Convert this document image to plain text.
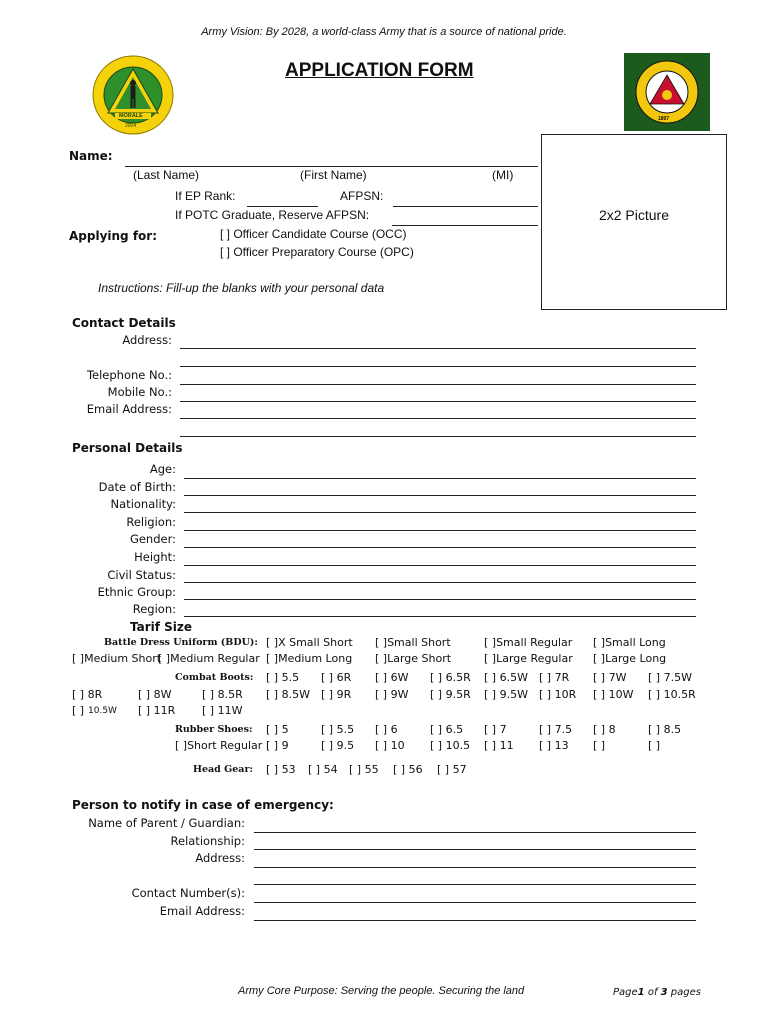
Army Vision: By 2028, a world-class Army that is a source of national pride.
APPLICATION FORM
MORALE
2004
1897
2x2 Picture
Name:
(Last Name)	(First Name)	(MI)
If EP Rank:	AFPSN:
If POTC Graduate, Reserve AFPSN:
Applying for:	[ ] Officer Candidate Course (OCC)
[ ] Officer Preparatory Course (OPC)
Instructions: Fill-up the blanks with your personal data
Contact Details
Address:
Telephone No.:
Mobile No.:
Email Address:
Personal Details
Age:
Date of Birth:
Nationality:
Religion:
Gender:
Height:
Civil Status:
Ethnic Group:
Region:
Tarif Size
Battle Dress Uniform (BDU): [ ]X Small Short [ ]Small Short	[ ]Small Regular [ ]Small Long
[ ]Medium Short
[ ]Medium Regular [ ]Medium Long [ ]Large Short	[ ]Large Regular [ ]Large Long
Combat Boots: [ ] 5.5 [ ] 6R [ ] 6W [ ] 6.5R [ ] 6.5W [ ] 7R [ ] 7W [ ] 7.5W
[ ] 8R	[ ] 8W	[ ] 8.5R [ ] 8.5W [ ] 9R [ ] 9W [ ] 9.5R [ ] 9.5W [ ] 10R [ ] 10W [ ] 10.5R
[ ] 10.5W [ ] 11R [ ] 11W
Rubber Shoes: [ ] 5	[ ] 5.5 [ ] 6	[ ] 6.5 [ ] 7	[ ] 7.5 [ ] 8	[ ] 8.5
[ ]Short Regular [ ] 9	[ ] 9.5 [ ] 10 [ ] 10.5 [ ] 11 [ ] 13 [ ]	[ ]
Head Gear: [ ] 53 [ ] 54 [ ] 55 [ ] 56 [ ] 57
Person to notify in case of emergency:
Name of Parent / Guardian:
Relationship:
Address:
Contact Number(s):
Email Address:
Army Core Purpose: Serving the people. Securing the land	Page1 of 3 pages
